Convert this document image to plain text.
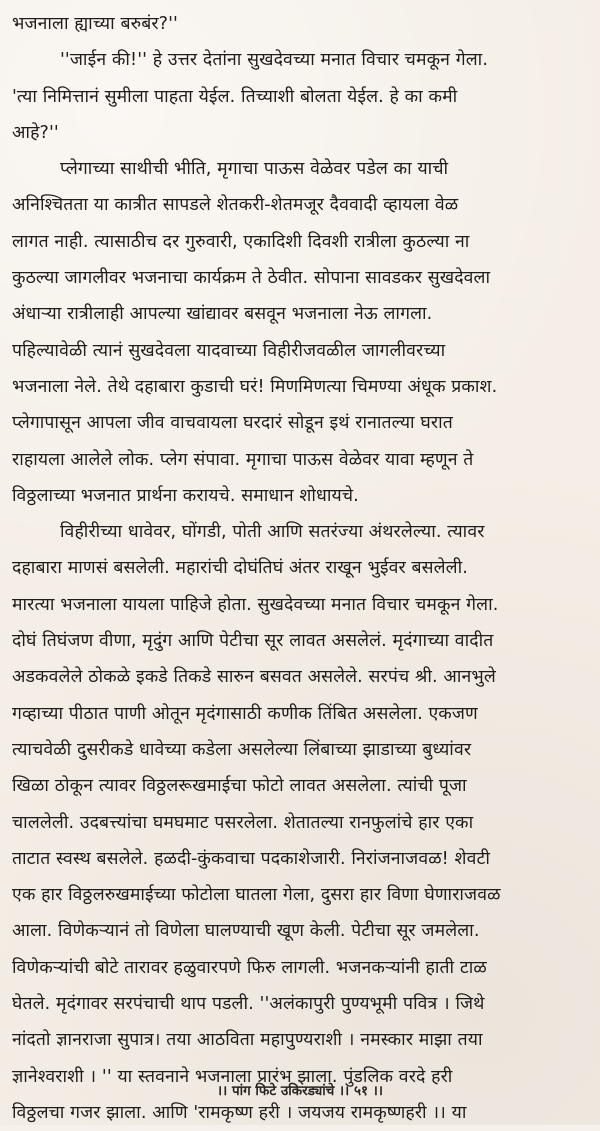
भजनाला ह्याच्या बरुबंर?''
''जाईन की!'' हे उत्तर देतांना सुखदेवच्या मनात विचार चमकून गेला.
'त्या निमित्तानं सुमीला पाहता येईल. तिच्याशी बोलता येईल. हे का कमी
आहे?''
प्लेगाच्या साथीची भीति, मृगाचा पाऊस वेळेवर पडेल का याची
अनिश्चितता या कात्रीत सापडले शेतकरी-शेतमजूर दैववादी व्हायला वेळ
लागत नाही. त्यासाठीच दर गुरुवारी, एकादिशी दिवशी रात्रीला कुठल्या ना
कुठल्या जागलीवर भजनाचा कार्यक्रम ते ठेवीत. सोपाना सावडकर सुखदेवला
अंधाऱ्या रात्रीलाही आपल्या खांद्यावर बसवून भजनाला नेऊ लागला.
पहिल्यावेळी त्यानं सुखदेवला यादवाच्या विहीरीजवळील जागलीवरच्या
भजनाला नेले. तेथे दहाबारा कुडाची घरं! मिणमिणत्या चिमण्या अंधूक प्रकाश.
प्लेगापासून आपला जीव वाचवायला घरदारं सोडून इथं रानातल्या घरात
राहायला आलेले लोक. प्लेग संपावा. मृगाचा पाऊस वेळेवर यावा म्हणून ते
विठ्ठलाच्या भजनात प्रार्थना करायचे. समाधान शोधायचे.
विहीरीच्या धावेवर, घोंगडी, पोती आणि सतरंज्या अंथरलेल्या. त्यावर
दहाबारा माणसं बसलेली. महारांची दोघंतिघं अंतर राखून भुईवर बसलेली.
मारत्या भजनाला यायला पाहिजे होता. सुखदेवच्या मनात विचार चमकून गेला.
दोघं तिघंजण वीणा, मृदुंग आणि पेटीचा सूर लावत असलेलं. मृदंगाच्या वादीत
अडकवलेले ठोकळे इकडे तिकडे सारुन बसवत असलेले. सरपंच श्री. आनभुले
गव्हाच्या पीठात पाणी ओतून मृदंगासाठी कणीक तिंबित असलेला. एकजण
त्याचवेळी दुसरीकडे धावेच्या कडेला असलेल्या लिंबाच्या झाडाच्या बुध्यांवर
खिळा ठोकून त्यावर विठ्ठलरूखमाईचा फोटो लावत असलेला. त्यांची पूजा
चाललेली. उदबत्त्यांचा घमघमाट पसरलेला. शेतातल्या रानफुलांचे हार एका
ताटात स्वस्थ बसलेले. हळदी-कुंकवाचा पदकाशेजारी. निरांजनाजवळ! शेवटी
एक हार विठ्ठलरुखमाईच्या फोटोला घातला गेला, दुसरा हार विणा घेणाराजवळ
आला. विणेकऱ्यानं तो विणेला घालण्याची खूण केली. पेटीचा सूर जमलेला.
विणेकऱ्यांची बोटे तारावर हळुवारपणे फिरु लागली. भजनकऱ्यांनी हाती टाळ
घेतले. मृदंगावर सरपंचाची थाप पडली. ''अलंकापुरी पुण्यभूमी पवित्र । जिथे
नांदतो ज्ञानराजा सुपात्र। तया आठविता महापुण्यराशी । नमस्कार माझा तया
ज्ञानेश्वराशी । '' या स्तवनाने भजनाला प्रारंभ झाला. पुंडलिक वरदे हरी
विठ्ठलचा गजर झाला. आणि 'रामकृष्ण हरी । जयजय रामकृष्णहरी ।। या
।। पांग फिटे उकिरड्यांचे ।। ५१ ।।
